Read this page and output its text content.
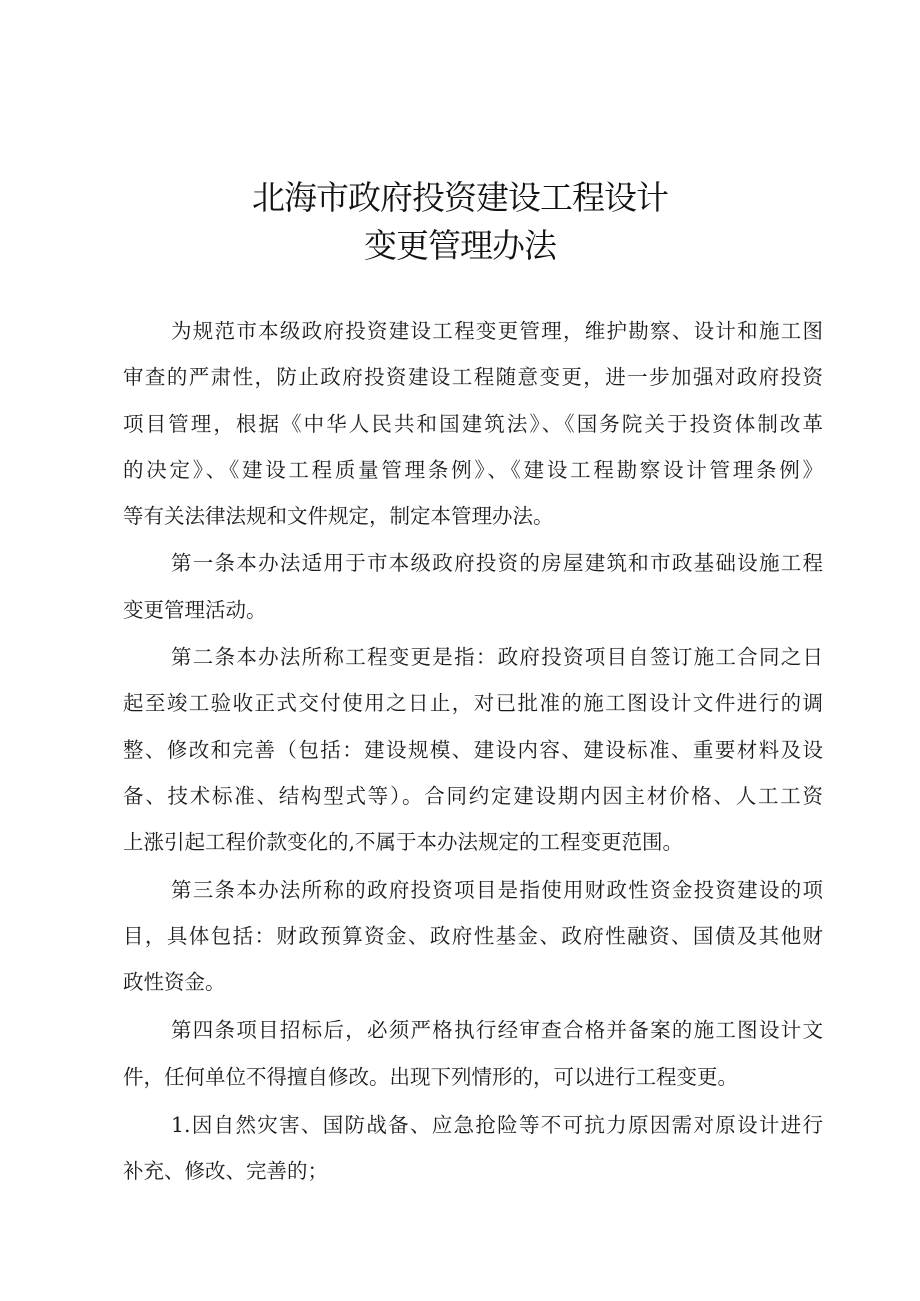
北海市政府投资建设工程设计
变更管理办法
为规范市本级政府投资建设工程变更管理，维护勘察、设计和施工图
审查的严肃性，防止政府投资建设工程随意变更，进一步加强对政府投资
项目管理，根据《中华人民共和国建筑法》、《国务院关于投资体制改革
的决定》、《建设工程质量管理条例》、《建设工程勘察设计管理条例》
等有关法律法规和文件规定，制定本管理办法。
第一条本办法适用于市本级政府投资的房屋建筑和市政基础设施工程
变更管理活动。
第二条本办法所称工程变更是指：政府投资项目自签订施工合同之日
起至竣工验收正式交付使用之日止，对已批准的施工图设计文件进行的调
整、修改和完善（包括：建设规模、建设内容、建设标准、重要材料及设
备、技术标准、结构型式等）。合同约定建设期内因主材价格、人工工资
上涨引起工程价款变化的,不属于本办法规定的工程变更范围。
第三条本办法所称的政府投资项目是指使用财政性资金投资建设的项
目，具体包括：财政预算资金、政府性基金、政府性融资、国债及其他财
政性资金。
第四条项目招标后，必须严格执行经审查合格并备案的施工图设计文
件，任何单位不得擅自修改。出现下列情形的，可以进行工程变更。
1.因自然灾害、国防战备、应急抢险等不可抗力原因需对原设计进行
补充、修改、完善的；
